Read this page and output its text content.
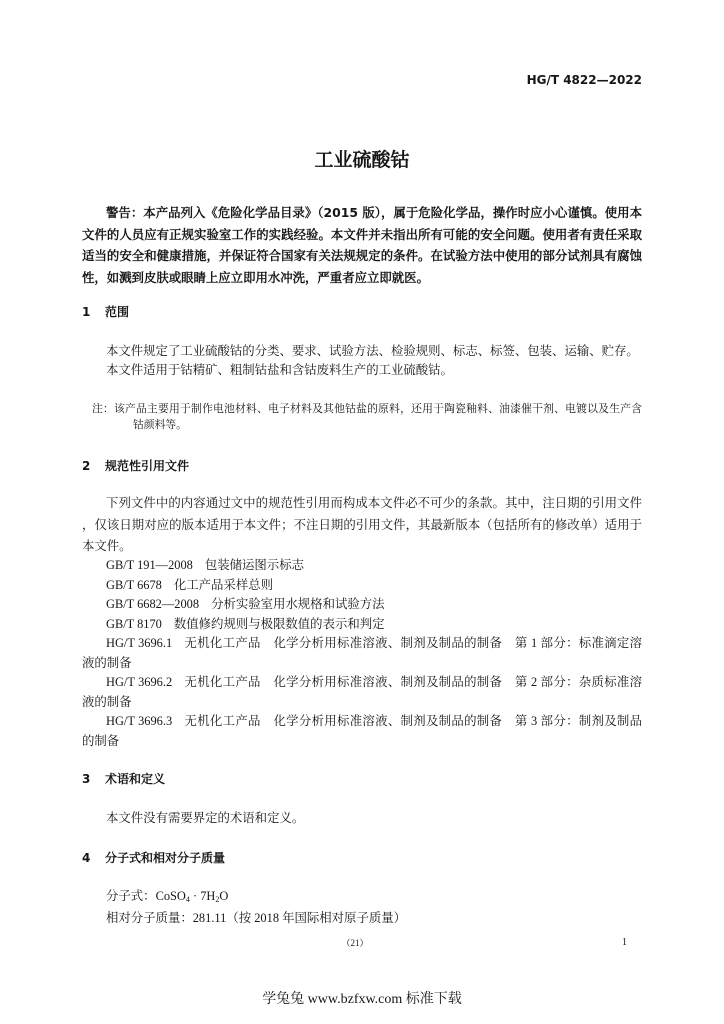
HG/T 4822—2022
工业硫酸钴
警告：本产品列入《危险化学品目录》（2015 版），属于危险化学品，操作时应小心谨慎。使用本文件的人员应有正规实验室工作的实践经验。本文件并未指出所有可能的安全问题。使用者有责任采取适当的安全和健康措施，并保证符合国家有关法规规定的条件。在试验方法中使用的部分试剂具有腐蚀性，如溅到皮肤或眼睛上应立即用水冲洗，严重者应立即就医。
1 范围

本文件规定了工业硫酸钴的分类、要求、试验方法、检验规则、标志、标签、包装、运输、贮存。

本文件适用于钴精矿、粗制钴盐和含钴废料生产的工业硫酸钴。

注：该产品主要用于制作电池材料、电子材料及其他钴盐的原料，还用于陶瓷釉料、油漆催干剂、电镀以及生产含钴颜料等。
2 规范性引用文件

下列文件中的内容通过文中的规范性引用而构成本文件必不可少的条款。其中，注日期的引用文件，仅该日期对应的版本适用于本文件；不注日期的引用文件，其最新版本（包括所有的修改单）适用于本文件。

GB/T 191—2008 包装储运图示标志

GB/T 6678 化工产品采样总则

GB/T 6682—2008 分析实验室用水规格和试验方法

GB/T 8170 数值修约规则与极限数值的表示和判定

HG/T 3696.1 无机化工产品　化学分析用标准溶液、制剂及制品的制备　第 1 部分：标准滴定溶液的制备

HG/T 3696.2 无机化工产品　化学分析用标准溶液、制剂及制品的制备　第 2 部分：杂质标准溶液的制备

HG/T 3696.3 无机化工产品　化学分析用标准溶液、制剂及制品的制备　第 3 部分：制剂及制品的制备

3 术语和定义

本文件没有需要界定的术语和定义。

4 分子式和相对分子质量

分子式：CoSO$_4$ · $7H_2O$

相对分子质量：281.11（按 2018 年国际相对原子质量）

（21）	1
学兔兔 www.bzfxw.com 标准下载
